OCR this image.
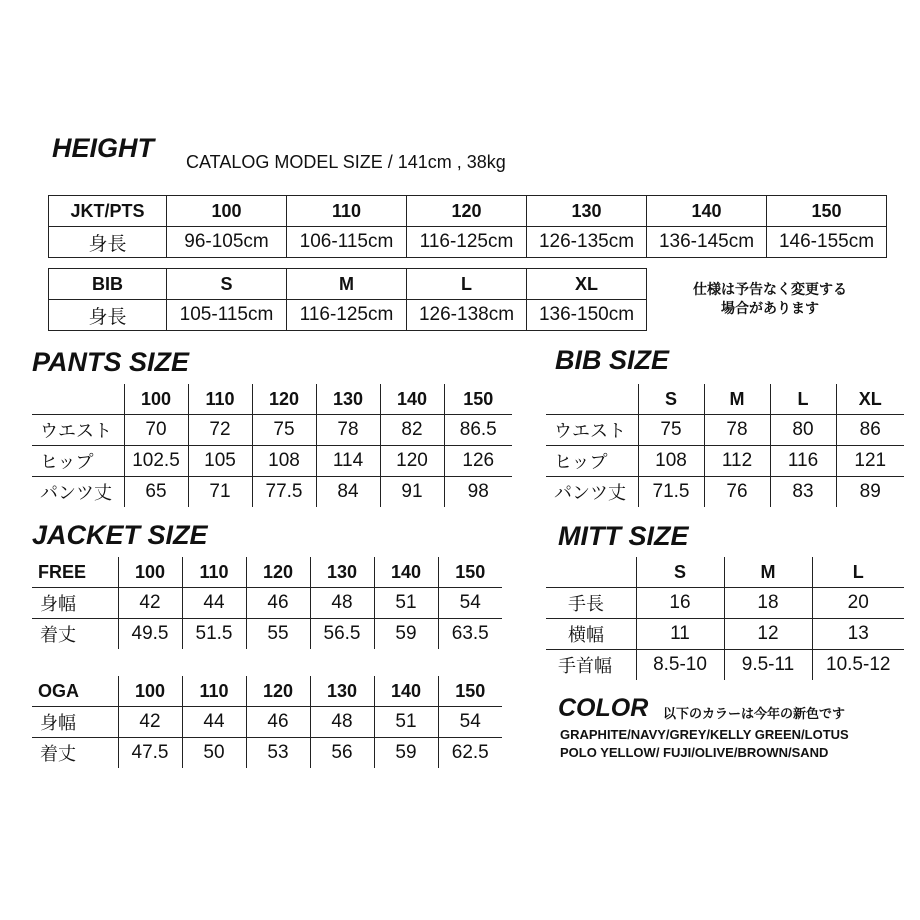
HEIGHT CATALOG MODEL SIZE / 141cm , 38kg
JKT/PTS	100	110	120	130	140	150
身長	96-105cm	106-115cm	116-125cm	126-135cm	136-145cm	146-155cm
BIB	S	M	L	XL
身長	105-115cm	116-125cm	126-138cm	136-150cm
仕様は予告なく変更する
場合があります
PANTS SIZE
	100	110	120	130	140	150
ウエスト	70	72	75	78	82	86.5
ヒップ	102.5	105	108	114	120	126
パンツ丈	65	71	77.5	84	91	98
BIB SIZE
	S	M	L	XL
ウエスト	75	78	80	86
ヒップ	108	112	116	121
パンツ丈	71.5	76	83	89
JACKET SIZE
FREE	100	110	120	130	140	150
身幅	42	44	46	48	51	54
着丈	49.5	51.5	55	56.5	59	63.5
OGA	100	110	120	130	140	150
身幅	42	44	46	48	51	54
着丈	47.5	50	53	56	59	62.5
MITT SIZE
	S	M	L
手長	16	18	20
横幅	11	12	13
手首幅	8.5-10	9.5-11	10.5-12
COLOR 以下のカラーは今年の新色です
GRAPHITE/NAVY/GREY/KELLY GREEN/LOTUS
POLO YELLOW/ FUJI/OLIVE/BROWN/SAND
